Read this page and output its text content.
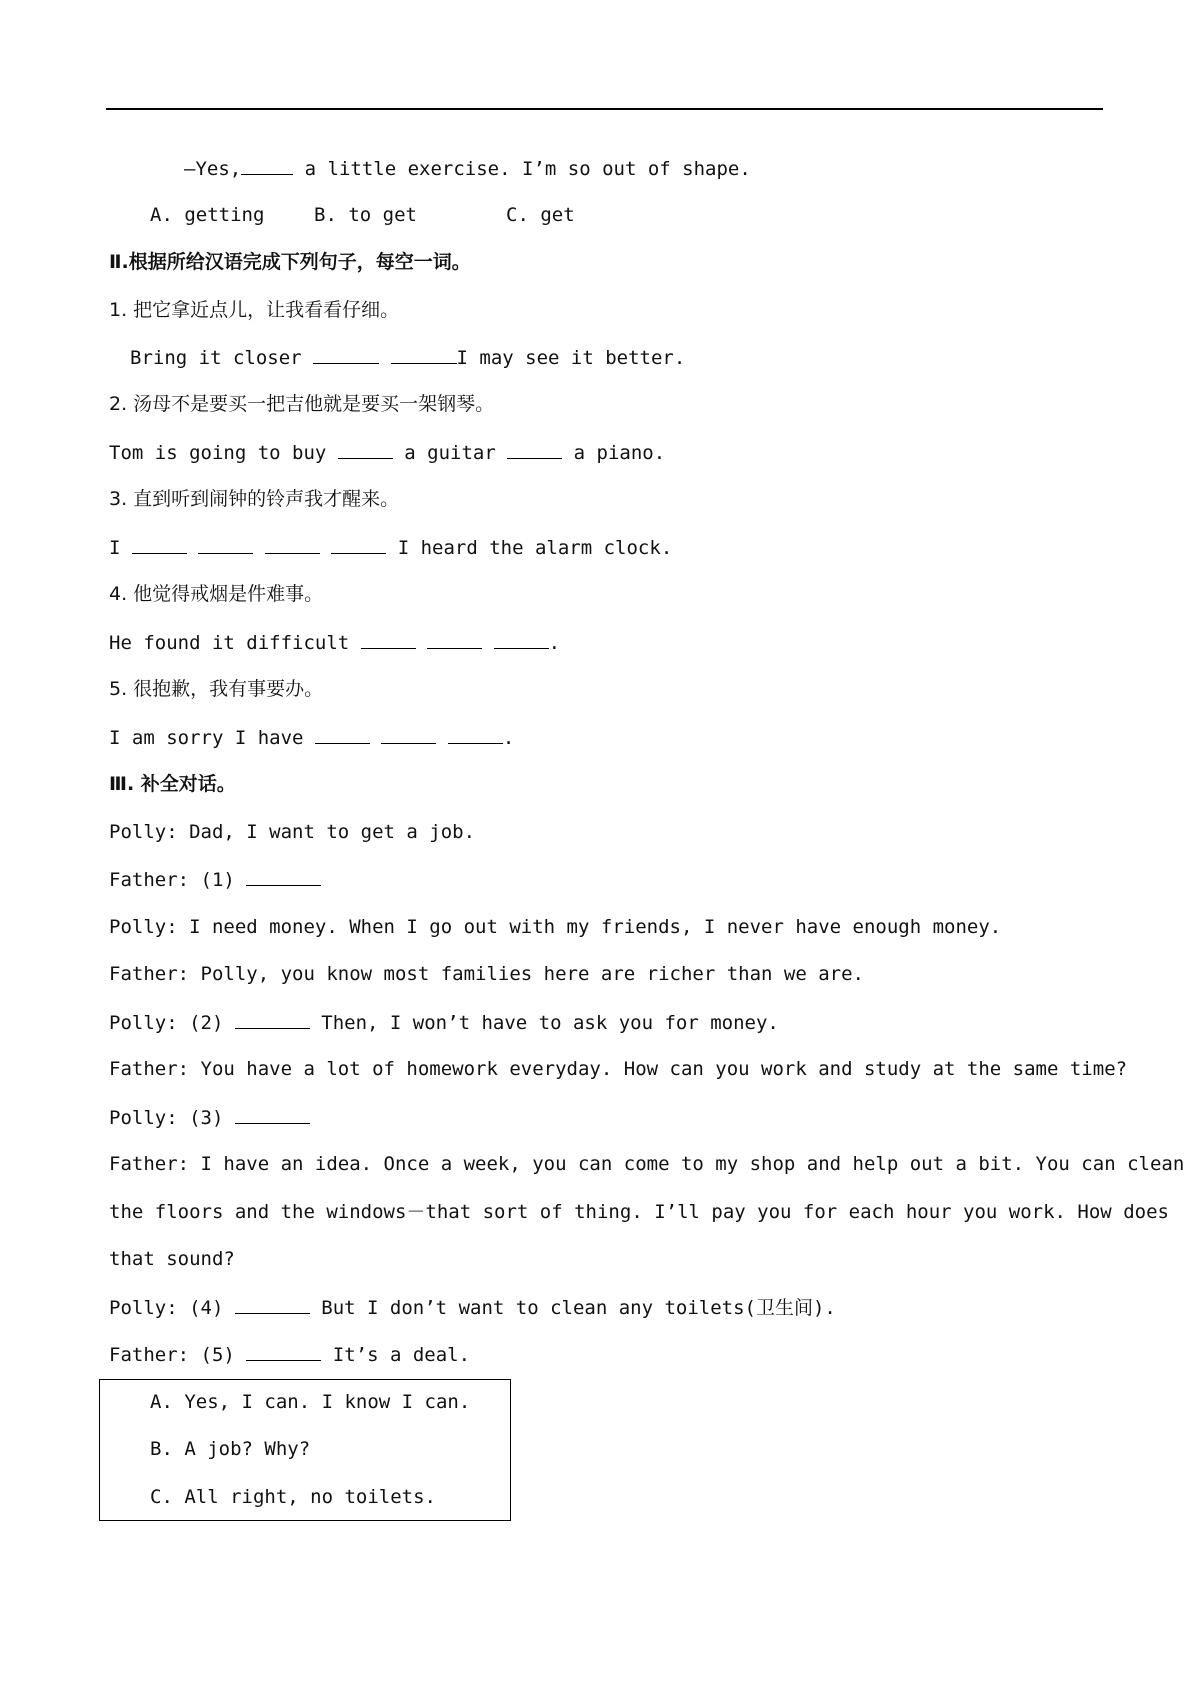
—Yes,	a little exercise. I’m so out of shape.
A. getting	B. to get	C. get
Ⅱ.根据所给汉语完成下列句子，每空一词。
1. 把它拿近点儿，让我看看仔细。
Bring it closer	I may see it better.
2. 汤母不是要买一把吉他就是要买一架钢琴。
Tom is going to buy	a guitar	a piano.
3. 直到听到闹钟的铃声我才醒来。
I	I heard the alarm clock.
4. 他觉得戒烟是件难事。
He found it difficult	.
5. 很抱歉，我有事要办。
I am sorry I have	.
Ⅲ. 补全对话。
Polly: Dad, I want to get a job.
Father: (1)
Polly: I need money. When I go out with my friends, I never have enough money.
Father: Polly, you know most families here are richer than we are.
Polly: (2)	Then, I won’t have to ask you for money.
Father: You have a lot of homework everyday. How can you work and study at the same time?
Polly: (3)
Father: I have an idea. Once a week, you can come to my shop and help out a bit. You can clean
the floors and the windows－that sort of thing. I’ll pay you for each hour you work. How does
that sound?
Polly: (4)	But I don’t want to clean any toilets(卫生间).
Father: (5)	It’s a deal.
A. Yes, I can. I know I can.
B. A job? Why?
C. All right, no toilets.
